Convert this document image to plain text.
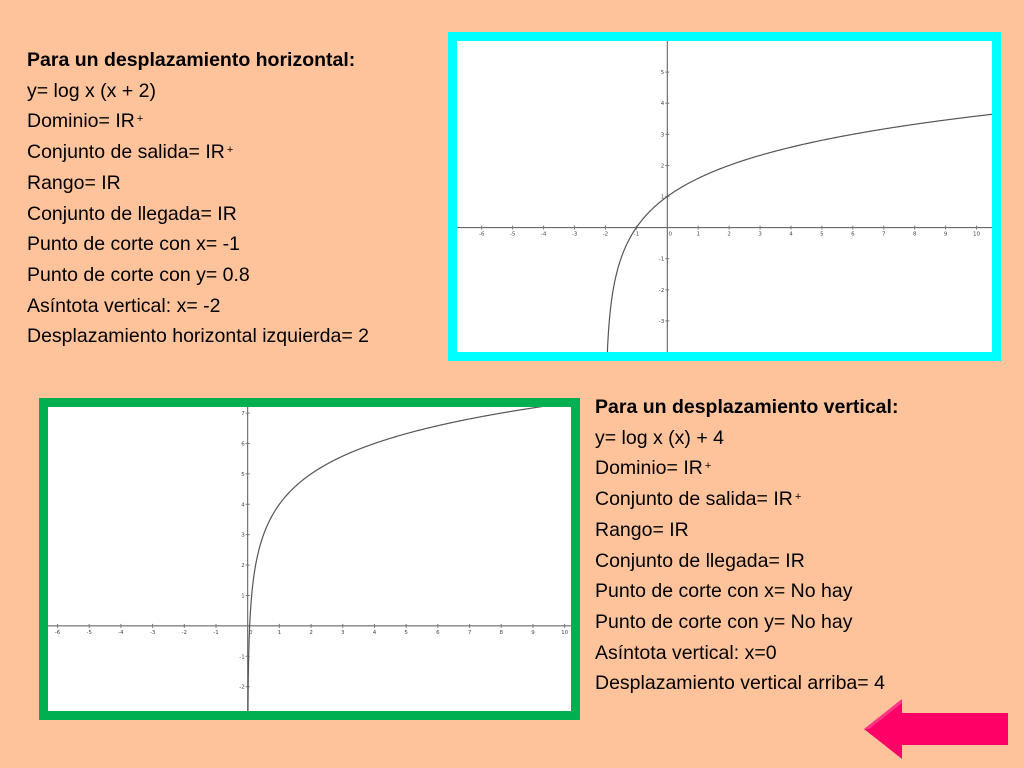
Para un desplazamiento horizontal:
y= log x (x + 2)
Dominio= IR +
Conjunto de salida= IR +
Rango= IR
Conjunto de llegada= IR
Punto de corte con x= -1
Punto de corte con y= 0.8
Asíntota vertical: x= -2
Desplazamiento horizontal izquierda= 2
-6	-5	-4	-3	-2	-1	0	1	2	3	4	5	6	7	8	9	10
-3
-2
-1
1
2
3
4
5
-6	-5	-4	-3	-2	-1	0	1	2	3	4	5	6	7	8	9	10
-2
-1
1
2
3
4
5
6
7	Para un desplazamiento vertical:
y= log x (x) + 4
Dominio= IR +
Conjunto de salida= IR +
Rango= IR
Conjunto de llegada= IR
Punto de corte con x= No hay
Punto de corte con y= No hay
Asíntota vertical: x=0
Desplazamiento vertical arriba= 4
